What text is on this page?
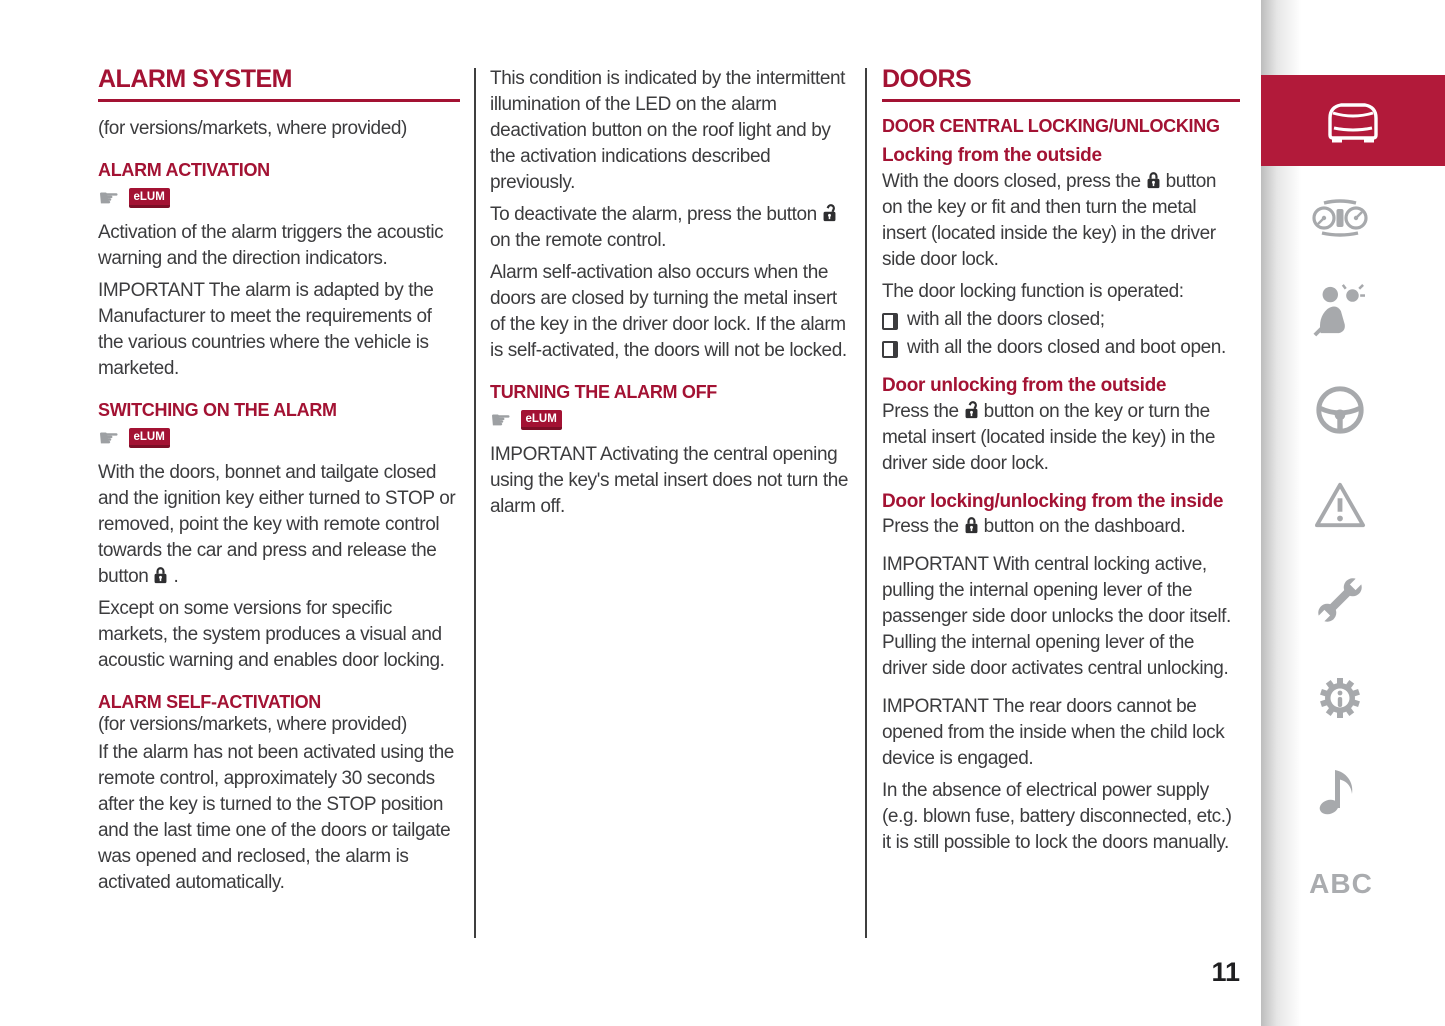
ALARM SYSTEM

(for versions/markets, where provided)

ALARM ACTIVATION
☛	eLUM

Activation of the alarm triggers the acoustic warning and the direction indicators.

IMPORTANT The alarm is adapted by the Manufacturer to meet the requirements of the various countries where the vehicle is marketed.

SWITCHING ON THE ALARM
☛	eLUM

With the doors, bonnet and tailgate closed and the ignition key either turned to STOP or removed, point the key with remote control towards the car and press and release the button .

Except on some versions for specific markets, the system produces a visual and acoustic warning and enables door locking.

ALARM SELF-ACTIVATION

(for versions/markets, where provided)

If the alarm has not been activated using the remote control, approximately 30 seconds after the key is turned to the STOP position and the last time one of the doors or tailgate was opened and reclosed, the alarm is activated automatically.

This condition is indicated by the intermittent illumination of the LED on the alarm deactivation button on the roof light and by the activation indications described previously.

To deactivate the alarm, press the button
on the remote control.

Alarm self-activation also occurs when the doors are closed by turning the metal insert of the key in the driver door lock. If the alarm is self-activated, the doors will not be locked.

TURNING THE ALARM OFF
☛	eLUM

IMPORTANT Activating the central opening using the key's metal insert does not turn the alarm off.

DOORS
DOOR CENTRAL LOCKING/UNLOCKING
Locking from the outside

With the doors closed, press the button on the key or fit and then turn the metal insert (located inside the key) in the driver side door lock.

The door locking function is operated:

with all the doors closed;
with all the doors closed and boot open.
Door unlocking from the outside

Press the button on the key or turn the metal insert (located inside the key) in the driver side door lock.

Door locking/unlocking from the inside

Press the button on the dashboard.

IMPORTANT With central locking active, pulling the internal opening lever of the passenger side door unlocks the door itself. Pulling the internal opening lever of the driver side door activates central unlocking.

IMPORTANT The rear doors cannot be opened from the inside when the child lock device is engaged.

In the absence of electrical power supply (e.g. blown fuse, battery disconnected, etc.) it is still possible to lock the doors manually.

ABC
11
